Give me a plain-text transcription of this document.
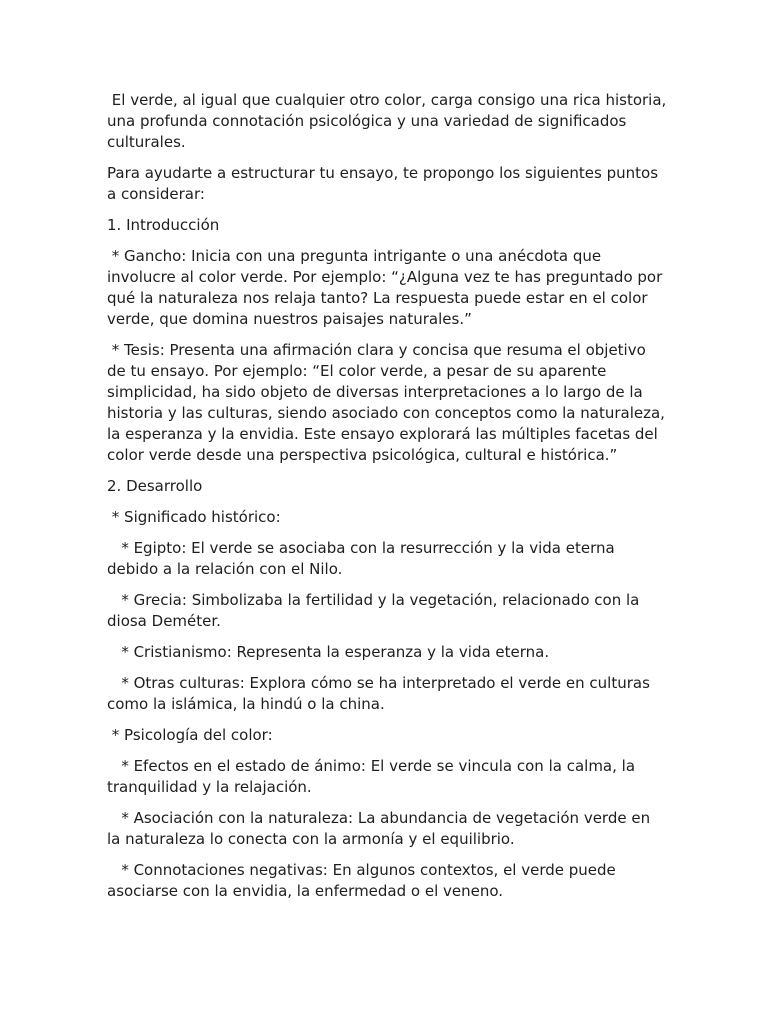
El verde, al igual que cualquier otro color, carga consigo una rica historia, una profunda connotación psicológica y una variedad de significados culturales.

Para ayudarte a estructurar tu ensayo, te propongo los siguientes puntos a considerar:

1. Introducción

* Gancho: Inicia con una pregunta intrigante o una anécdota que involucre al color verde. Por ejemplo: “¿Alguna vez te has preguntado por qué la naturaleza nos relaja tanto? La respuesta puede estar en el color verde, que domina nuestros paisajes naturales.”

* Tesis: Presenta una afirmación clara y concisa que resuma el objetivo de tu ensayo. Por ejemplo: “El color verde, a pesar de su aparente simplicidad, ha sido objeto de diversas interpretaciones a lo largo de la historia y las culturas, siendo asociado con conceptos como la naturaleza, la esperanza y la envidia. Este ensayo explorará las múltiples facetas del color verde desde una perspectiva psicológica, cultural e histórica.”

2. Desarrollo

* Significado histórico:

* Egipto: El verde se asociaba con la resurrección y la vida eterna debido a la relación con el Nilo.

* Grecia: Simbolizaba la fertilidad y la vegetación, relacionado con la diosa Deméter.

* Cristianismo: Representa la esperanza y la vida eterna.

* Otras culturas: Explora cómo se ha interpretado el verde en culturas como la islámica, la hindú o la china.

* Psicología del color:

* Efectos en el estado de ánimo: El verde se vincula con la calma, la tranquilidad y la relajación.

* Asociación con la naturaleza: La abundancia de vegetación verde en la naturaleza lo conecta con la armonía y el equilibrio.

* Connotaciones negativas: En algunos contextos, el verde puede asociarse con la envidia, la enfermedad o el veneno.
